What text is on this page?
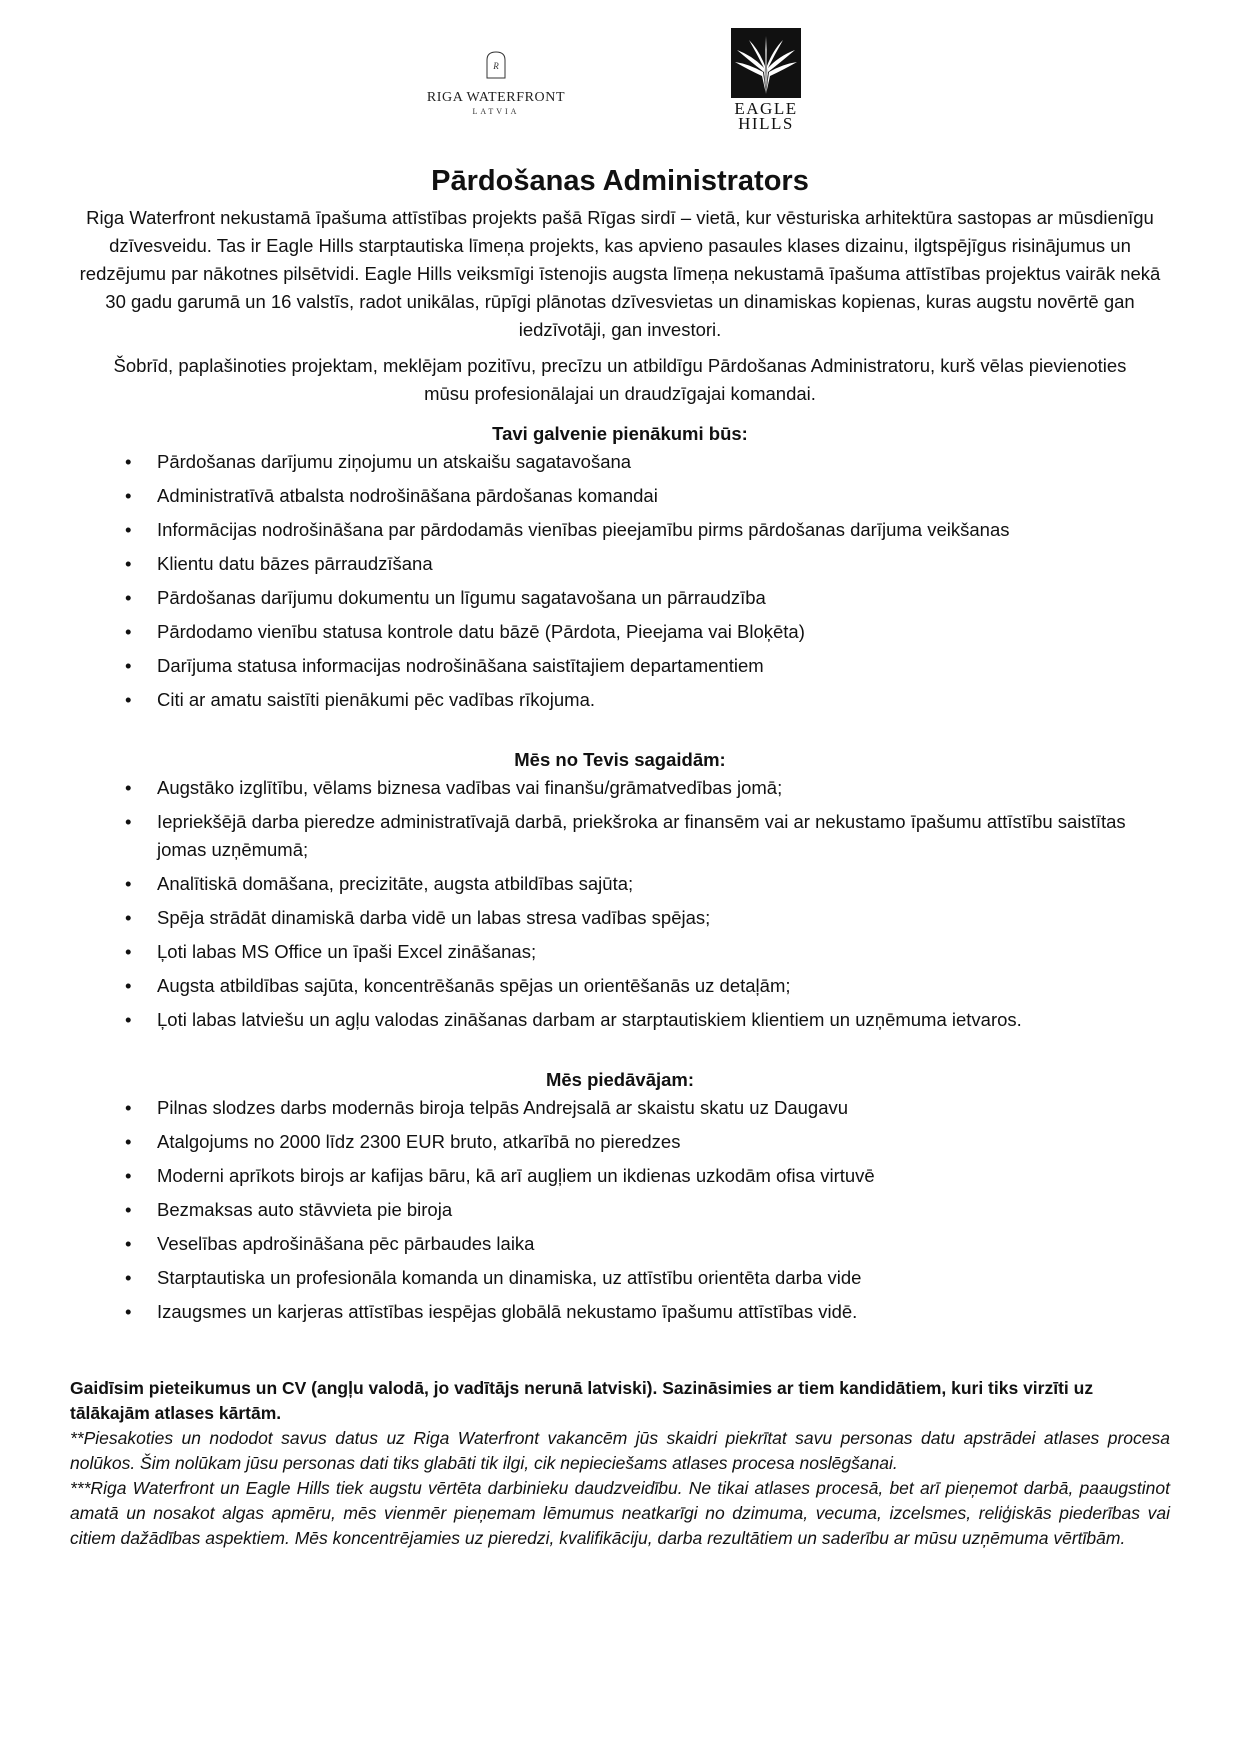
R
RIGA WATERFRONT
LATVIA	EAGLE
HILLS
Pārdošanas Administrators

Riga Waterfront nekustamā īpašuma attīstības projekts pašā Rīgas sirdī – vietā, kur vēsturiska arhitektūra sastopas ar mūsdienīgu dzīvesveidu. Tas ir Eagle Hills starptautiska līmeņa projekts, kas apvieno pasaules klases dizainu, ilgtspējīgus risinājumus un redzējumu par nākotnes pilsētvidi. Eagle Hills veiksmīgi īstenojis augsta līmeņa nekustamā īpašuma attīstības projektus vairāk nekā 30 gadu garumā un 16 valstīs, radot unikālas, rūpīgi plānotas dzīvesvietas un dinamiskas kopienas, kuras augstu novērtē gan iedzīvotāji, gan investori.

Šobrīd, paplašinoties projektam, meklējam pozitīvu, precīzu un atbildīgu Pārdošanas Administratoru, kurš vēlas pievienoties mūsu profesionālajai un draudzīgajai komandai.

Tavi galvenie pienākumi būs:

• Pārdošanas darījumu ziņojumu un atskaišu sagatavošana
• Administratīvā atbalsta nodrošināšana pārdošanas komandai
• Informācijas nodrošināšana par pārdodamās vienības pieejamību pirms pārdošanas darījuma veikšanas
• Klientu datu bāzes pārraudzīšana
• Pārdošanas darījumu dokumentu un līgumu sagatavošana un pārraudzība
• Pārdodamo vienību statusa kontrole datu bāzē (Pārdota, Pieejama vai Bloķēta)
• Darījuma statusa informacijas nodrošināšana saistītajiem departamentiem
• Citi ar amatu saistīti pienākumi pēc vadības rīkojuma.

Mēs no Tevis sagaidām:

• Augstāko izglītību, vēlams biznesa vadības vai finanšu/grāmatvedības jomā;
• Iepriekšējā darba pieredze administratīvajā darbā, priekšroka ar finansēm vai ar nekustamo īpašumu attīstību saistītas jomas uzņēmumā;
• Analītiskā domāšana, precizitāte, augsta atbildības sajūta;
• Spēja strādāt dinamiskā darba vidē un labas stresa vadības spējas;
• Ļoti labas MS Office un īpaši Excel zināšanas;
• Augsta atbildības sajūta, koncentrēšanās spējas un orientēšanās uz detaļām;
• Ļoti labas latviešu un agļu valodas zināšanas darbam ar starptautiskiem klientiem un uzņēmuma ietvaros.

Mēs piedāvājam:

• Pilnas slodzes darbs modernās biroja telpās Andrejsalā ar skaistu skatu uz Daugavu
• Atalgojums no 2000 līdz 2300 EUR bruto, atkarībā no pieredzes
• Moderni aprīkots birojs ar kafijas bāru, kā arī augļiem un ikdienas uzkodām ofisa virtuvē
• Bezmaksas auto stāvvieta pie biroja
• Veselības apdrošināšana pēc pārbaudes laika
• Starptautiska un profesionāla komanda un dinamiska, uz attīstību orientēta darba vide
• Izaugsmes un karjeras attīstības iespējas globālā nekustamo īpašumu attīstības vidē.

Gaidīsim pieteikumus un CV (angļu valodā, jo vadītājs nerunā latviski). Sazināsimies ar tiem kandidātiem, kuri tiks virzīti uz tālākajām atlases kārtām.

**Piesakoties un nododot savus datus uz Riga Waterfront vakancēm jūs skaidri piekrītat savu personas datu apstrādei atlases procesa nolūkos. Šim nolūkam jūsu personas dati tiks glabāti tik ilgi, cik nepieciešams atlases procesa noslēgšanai.

***Riga Waterfront un Eagle Hills tiek augstu vērtēta darbinieku daudzveidību. Ne tikai atlases procesā, bet arī pieņemot darbā, paaugstinot amatā un nosakot algas apmēru, mēs vienmēr pieņemam lēmumus neatkarīgi no dzimuma, vecuma, izcelsmes, reliģiskās piederības vai citiem dažādības aspektiem. Mēs koncentrējamies uz pieredzi, kvalifikāciju, darba rezultātiem un saderību ar mūsu uzņēmuma vērtībām.
